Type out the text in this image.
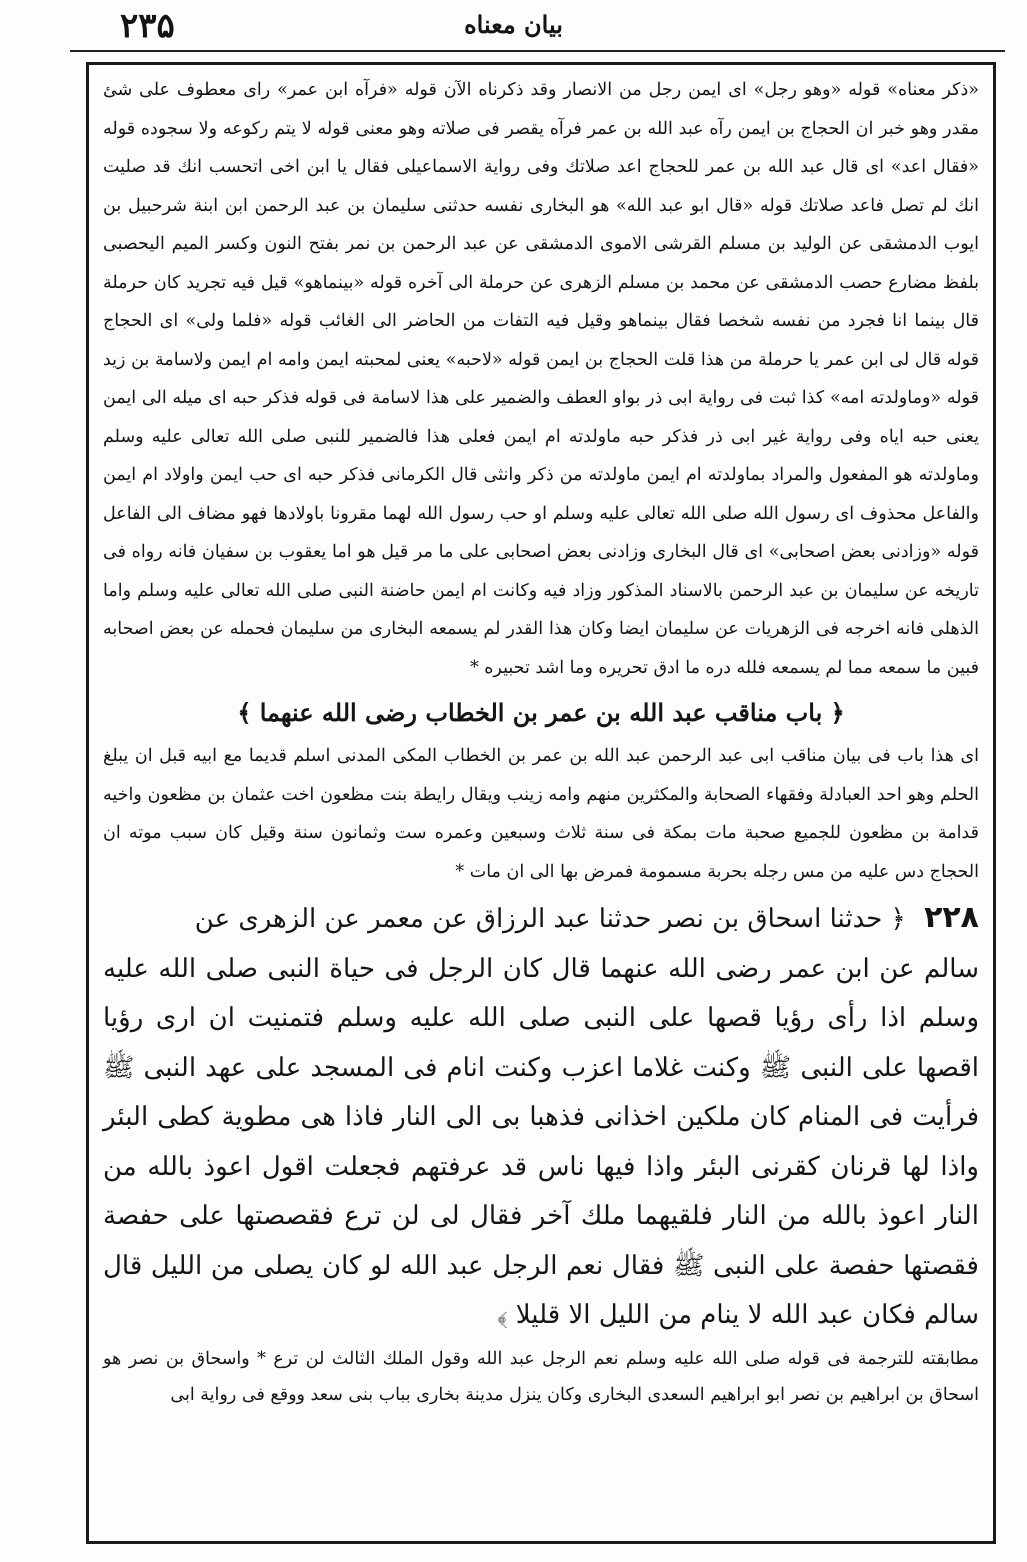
۲۳۵	بیان معناه

«ذكر معناه» قوله «وهو رجل» اى ايمن رجل من الانصار وقد ذكرناه الآن قوله «فرآه ابن عمر» راى معطوف على شئ مقدر وهو خبر ان الحجاج بن ايمن رآه عبد الله بن عمر فرآه يقصر فى صلاته وهو معنى قوله لا يتم ركوعه ولا سجوده قوله «فقال اعد» اى قال عبد الله بن عمر للحجاج اعد صلاتك وفى رواية الاسماعيلى فقال يا ابن اخى اتحسب انك قد صليت انك لم تصل فاعد صلاتك قوله «قال ابو عبد الله» هو البخارى نفسه حدثنى سليمان بن عبد الرحمن ابن ابنة شرحبيل بن ايوب الدمشقى عن الوليد بن مسلم القرشى الاموى الدمشقى عن عبد الرحمن بن نمر بفتح النون وكسر الميم اليحصبى بلفظ مضارع حصب الدمشقى عن محمد بن مسلم الزهرى عن حرملة الى آخره قوله «بينماهو» قيل فيه تجريد كان حرملة قال بينما انا فجرد من نفسه شخصا فقال بينماهو وقيل فيه التفات من الحاضر الى الغائب قوله «فلما ولى» اى الحجاج قوله قال لى ابن عمر يا حرملة من هذا قلت الحجاج بن ايمن قوله «لاحبه» يعنى لمحبته ايمن وامه ام ايمن ولاسامة بن زيد قوله «وماولدته امه» كذا ثبت فى رواية ابى ذر بواو العطف والضمير على هذا لاسامة فى قوله فذكر حبه اى ميله الى ايمن يعنى حبه اياه وفى رواية غير ابى ذر فذكر حبه ماولدته ام ايمن فعلى هذا فالضمير للنبى صلى الله تعالى عليه وسلم وماولدته هو المفعول والمراد بماولدته ام ايمن ماولدته من ذكر وانثى قال الكرمانى فذكر حبه اى حب ايمن واولاد ام ايمن والفاعل محذوف اى رسول الله صلى الله تعالى عليه وسلم او حب رسول الله لهما مقرونا باولادها فهو مضاف الى الفاعل قوله «وزادنى بعض اصحابى» اى قال البخارى وزادنى بعض اصحابى على ما مر قيل هو اما يعقوب بن سفيان فانه رواه فى تاريخه عن سليمان بن عبد الرحمن بالاسناد المذكور وزاد فيه وكانت ام ايمن حاضنة النبى صلى الله تعالى عليه وسلم واما الذهلى فانه اخرجه فى الزهريات عن سليمان ايضا وكان هذا القدر لم يسمعه البخارى من سليمان فحمله عن بعض اصحابه فبين ما سمعه مما لم يسمعه فلله دره ما ادق تحريره وما اشد تحبيره *

﴿ باب مناقب عبد الله بن عمر بن الخطاب رضى الله عنهما ﴾

اى هذا باب فى بيان مناقب ابى عبد الرحمن عبد الله بن عمر بن الخطاب المكى المدنى اسلم قديما مع ابيه قبل ان يبلغ الحلم وهو احد العبادلة وفقهاء الصحابة والمكثرين منهم وامه زينب ويقال رايطة بنت مظعون اخت عثمان بن مظعون واخيه قدامة بن مظعون للجميع صحبة مات بمكة فى سنة ثلاث وسبعين وعمره ست وثمانون سنة وقيل كان سبب موته ان الحجاج دس عليه من مس رجله بحربة مسمومة فمرض بها الى ان مات *

٢٢٨ ﴿ حدثنا اسحاق بن نصر حدثنا عبد الرزاق عن معمر عن الزهرى عن

سالم عن ابن عمر رضى الله عنهما قال كان الرجل فى حياة النبى صلى الله عليه وسلم اذا رأى رؤيا قصها على النبى صلى الله عليه وسلم فتمنيت ان ارى رؤيا اقصها على النبى ﷺ وكنت غلاما اعزب وكنت انام فى المسجد على عهد النبى ﷺ فرأيت فى المنام كان ملكين اخذانى فذهبا بى الى النار فاذا هى مطوية كطى البئر واذا لها قرنان كقرنى البئر واذا فيها ناس قد عرفتهم فجعلت اقول اعوذ بالله من النار اعوذ بالله من النار فلقيهما ملك آخر فقال لى لن ترع فقصصتها على حفصة فقصتها حفصة على النبى ﷺ فقال نعم الرجل عبد الله لو كان يصلى من الليل قال سالم فكان عبد الله لا ينام من الليل الا قليلا ﴾

مطابقته للترجمة فى قوله صلى الله عليه وسلم نعم الرجل عبد الله وقول الملك الثالث لن ترع * واسحاق بن نصر هو اسحاق بن ابراهيم بن نصر ابو ابراهيم السعدى البخارى وكان ينزل مدينة بخارى بباب بنى سعد ووقع فى رواية ابى
